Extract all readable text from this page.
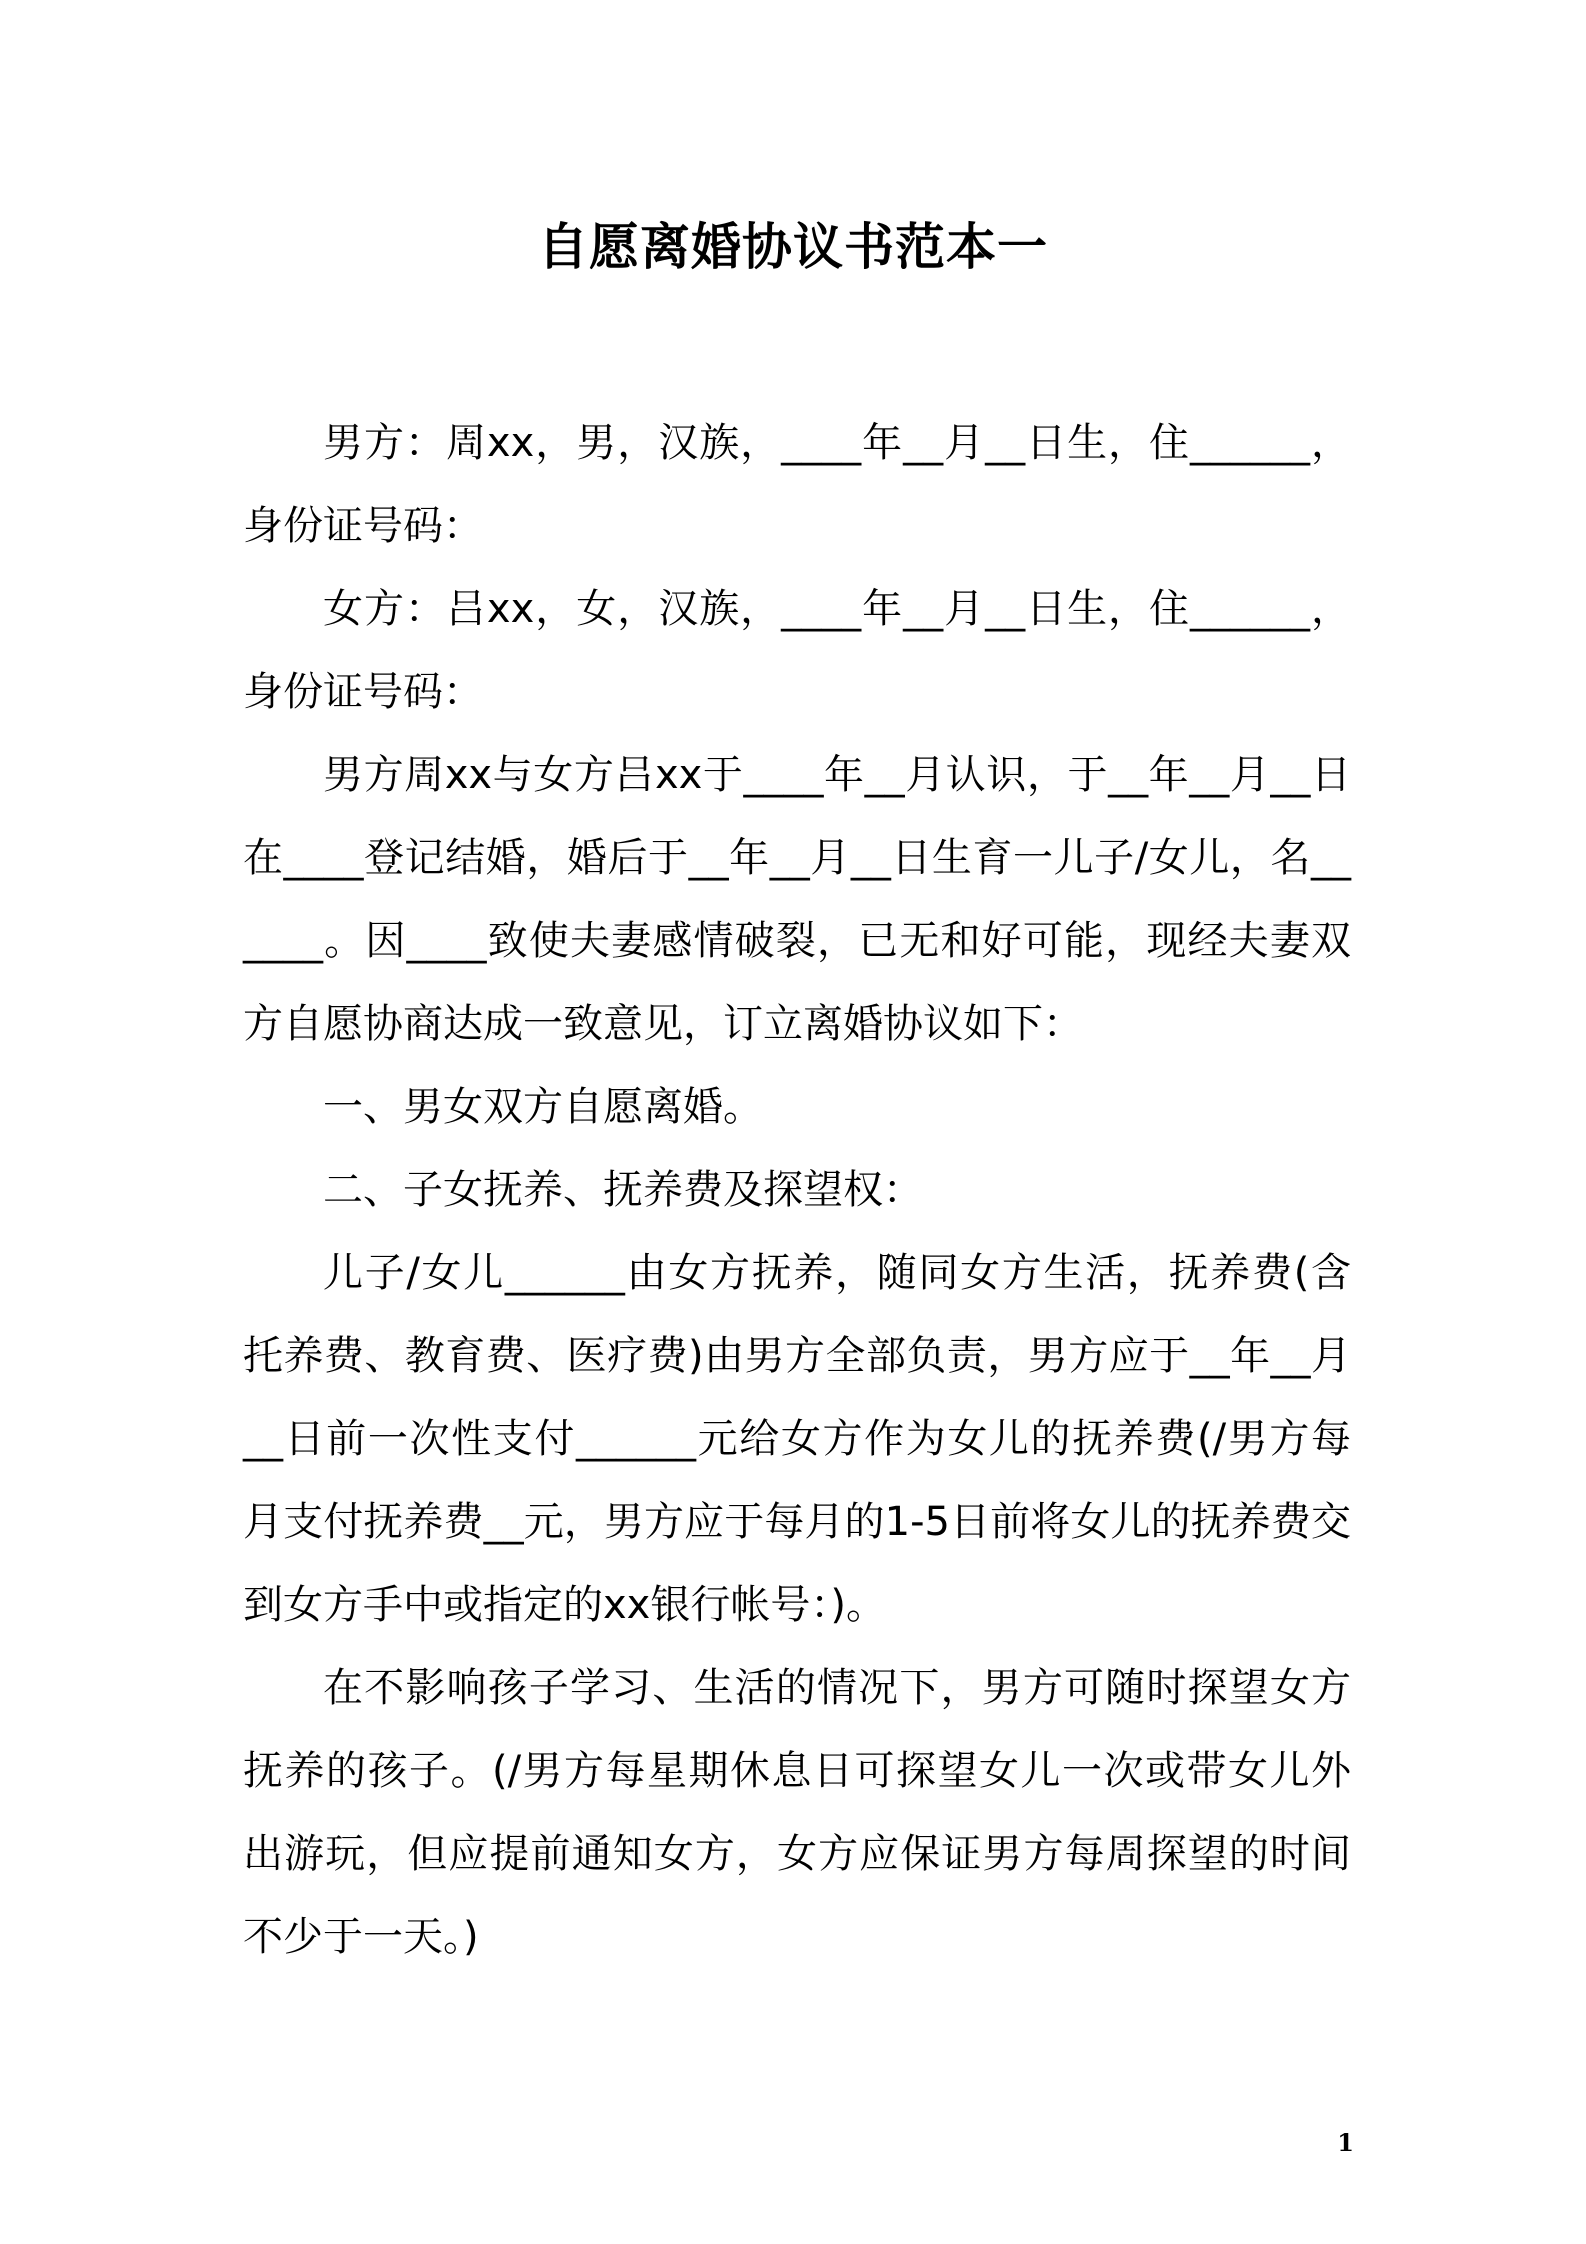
自愿离婚协议书范本一

男方：周xx，男，汉族，____年__月__日生，住______，身份证号码：

女方：吕xx，女，汉族，____年__月__日生，住______，身份证号码：

男方周xx与女方吕xx于____年__月认识，于__年__月__日在____登记结婚，婚后于__年__月__日生育一儿子/女儿，名______。因____致使夫妻感情破裂，已无和好可能，现经夫妻双方自愿协商达成一致意见，订立离婚协议如下：

一、男女双方自愿离婚。

二、子女抚养、抚养费及探望权：

儿子/女儿______由女方抚养，随同女方生活，抚养费(含托养费、教育费、医疗费)由男方全部负责，男方应于__年__月__日前一次性支付______元给女方作为女儿的抚养费(/男方每月支付抚养费__元，男方应于每月的1-5日前将女儿的抚养费交到女方手中或指定的xx银行帐号：)。

在不影响孩子学习、生活的情况下，男方可随时探望女方抚养的孩子。(/男方每星期休息日可探望女儿一次或带女儿外出游玩，但应提前通知女方，女方应保证男方每周探望的时间不少于一天。)

1
